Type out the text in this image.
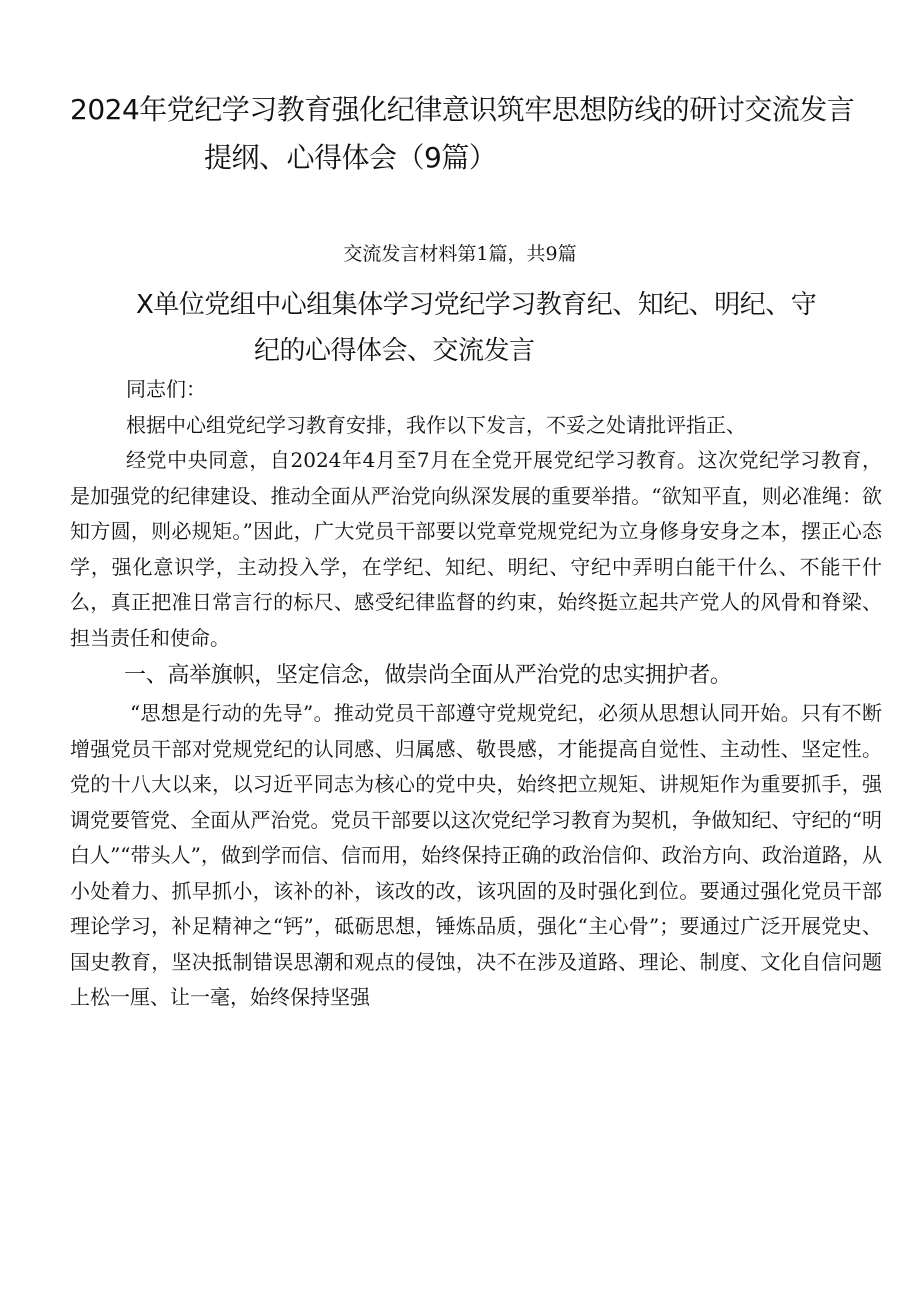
2024年党纪学习教育强化纪律意识筑牢思想防线的研讨交流发言
提纲、心得体会（9篇）
交流发言材料第1篇，共9篇
X单位党组中心组集体学习党纪学习教育纪、知纪、明纪、守
纪的心得体会、交流发言

同志们：

根据中心组党纪学习教育安排，我作以下发言，不妥之处请批评指正、

经党中央同意，自2024年4月至7月在全党开展党纪学习教育。这次党纪学习教育，是加强党的纪律建设、推动全面从严治党向纵深发展的重要举措。“欲知平直，则必准绳：欲知方圆，则必规矩。”因此，广大党员干部要以党章党规党纪为立身修身安身之本，摆正心态学，强化意识学，主动投入学，在学纪、知纪、明纪、守纪中弄明白能干什么、不能干什么，真正把准日常言行的标尺、感受纪律监督的约束，始终挺立起共产党人的风骨和脊梁、担当责任和使命。

一、高举旗帜，坚定信念，做崇尚全面从严治党的忠实拥护者。

“思想是行动的先导”。推动党员干部遵守党规党纪，必须从思想认同开始。只有不断增强党员干部对党规党纪的认同感、归属感、敬畏感，才能提高自觉性、主动性、坚定性。党的十八大以来，以习近平同志为核心的党中央，始终把立规矩、讲规矩作为重要抓手，强调党要管党、全面从严治党。党员干部要以这次党纪学习教育为契机，争做知纪、守纪的“明白人”“带头人”，做到学而信、信而用，始终保持正确的政治信仰、政治方向、政治道路，从小处着力、抓早抓小，该补的补，该改的改，该巩固的及时强化到位。要通过强化党员干部理论学习，补足精神之“钙”，砥砺思想，锤炼品质，强化“主心骨”；要通过广泛开展党史、国史教育，坚决抵制错误思潮和观点的侵蚀，决不在涉及道路、理论、制度、文化自信问题上松一厘、让一毫，始终保持坚强
